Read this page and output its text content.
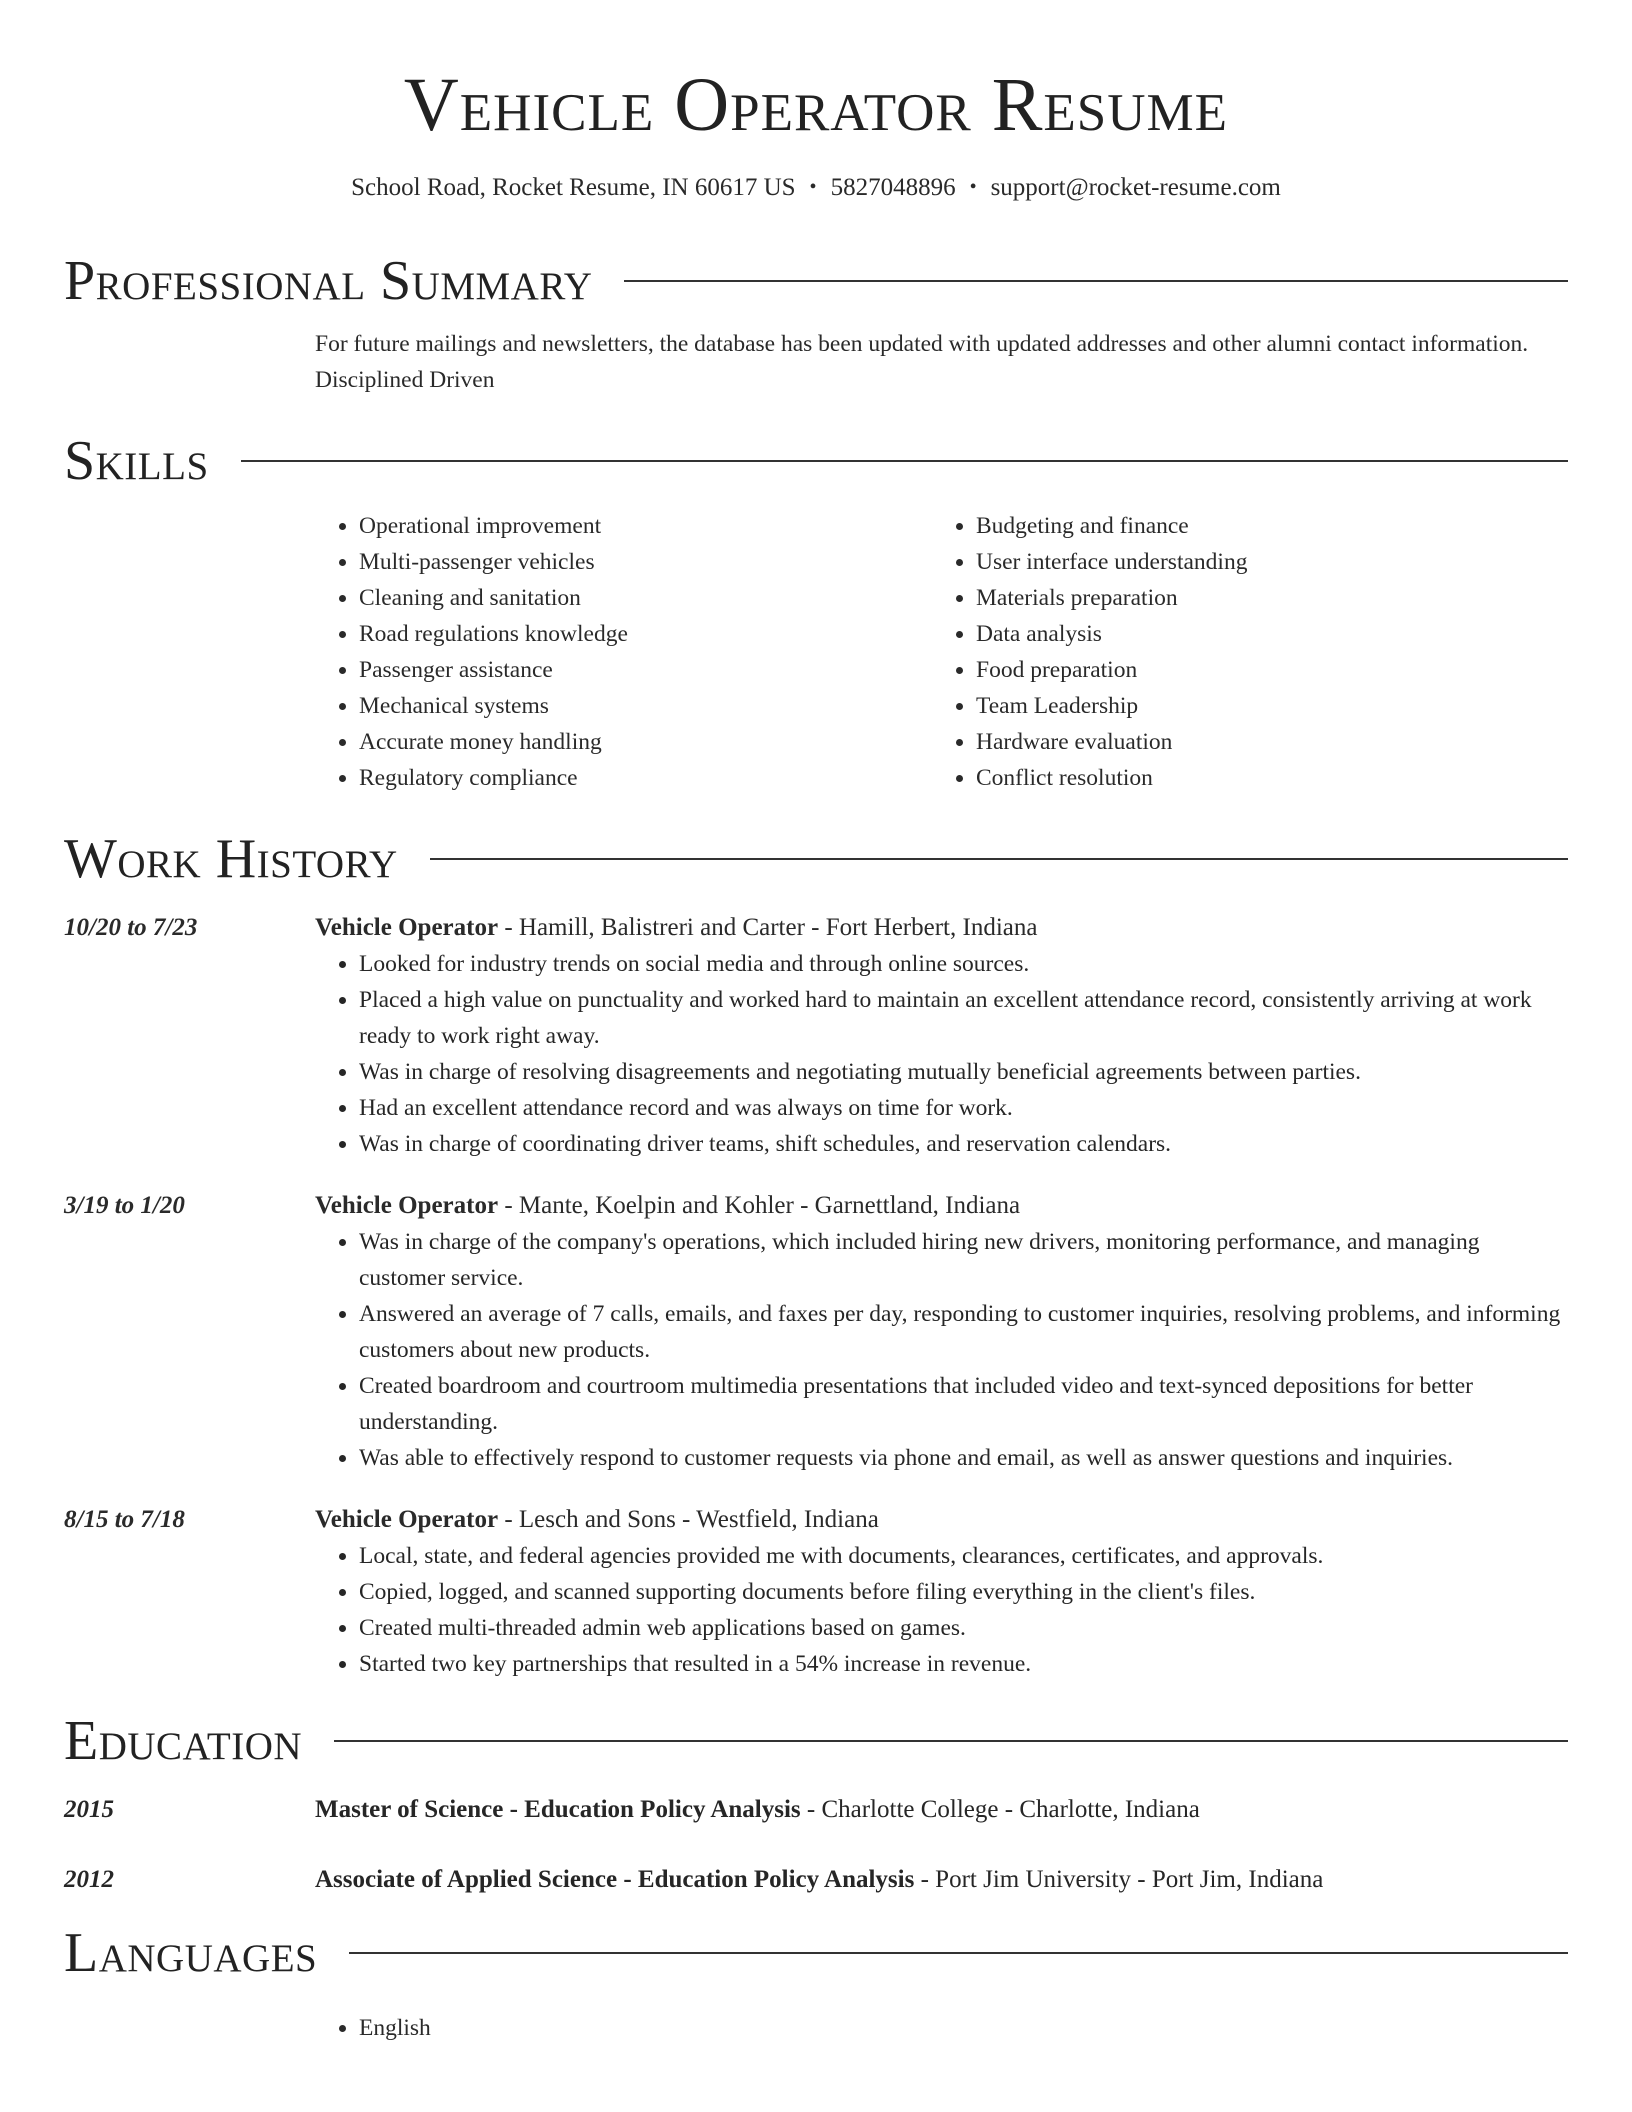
Vehicle Operator Resume
School Road, Rocket Resume, IN 60617 US • 5827048896 • support@rocket-resume.com
Professional Summary
For future mailings and newsletters, the database has been updated with updated addresses and other alumni contact information. Disciplined Driven
Skills
• Operational improvement
• Multi-passenger vehicles
• Cleaning and sanitation
• Road regulations knowledge
• Passenger assistance
• Mechanical systems
• Accurate money handling
• Regulatory compliance
• Budgeting and finance
• User interface understanding
• Materials preparation
• Data analysis
• Food preparation
• Team Leadership
• Hardware evaluation
• Conflict resolution
Work History
10/20 to 7/23	Vehicle Operator - Hamill, Balistreri and Carter - Fort Herbert, Indiana
• Looked for industry trends on social media and through online sources.
• Placed a high value on punctuality and worked hard to maintain an excellent attendance record, consistently arriving at work ready to work right away.
• Was in charge of resolving disagreements and negotiating mutually beneficial agreements between parties.
• Had an excellent attendance record and was always on time for work.
• Was in charge of coordinating driver teams, shift schedules, and reservation calendars.
3/19 to 1/20	Vehicle Operator - Mante, Koelpin and Kohler - Garnettland, Indiana
• Was in charge of the company's operations, which included hiring new drivers, monitoring performance, and managing customer service.
• Answered an average of 7 calls, emails, and faxes per day, responding to customer inquiries, resolving problems, and informing customers about new products.
• Created boardroom and courtroom multimedia presentations that included video and text-synced depositions for better understanding.
• Was able to effectively respond to customer requests via phone and email, as well as answer questions and inquiries.
8/15 to 7/18	Vehicle Operator - Lesch and Sons - Westfield, Indiana
• Local, state, and federal agencies provided me with documents, clearances, certificates, and approvals.
• Copied, logged, and scanned supporting documents before filing everything in the client's files.
• Created multi-threaded admin web applications based on games.
• Started two key partnerships that resulted in a 54% increase in revenue.
Education
2015	Master of Science - Education Policy Analysis - Charlotte College - Charlotte, Indiana
2012	Associate of Applied Science - Education Policy Analysis - Port Jim University - Port Jim, Indiana
Languages
• English
